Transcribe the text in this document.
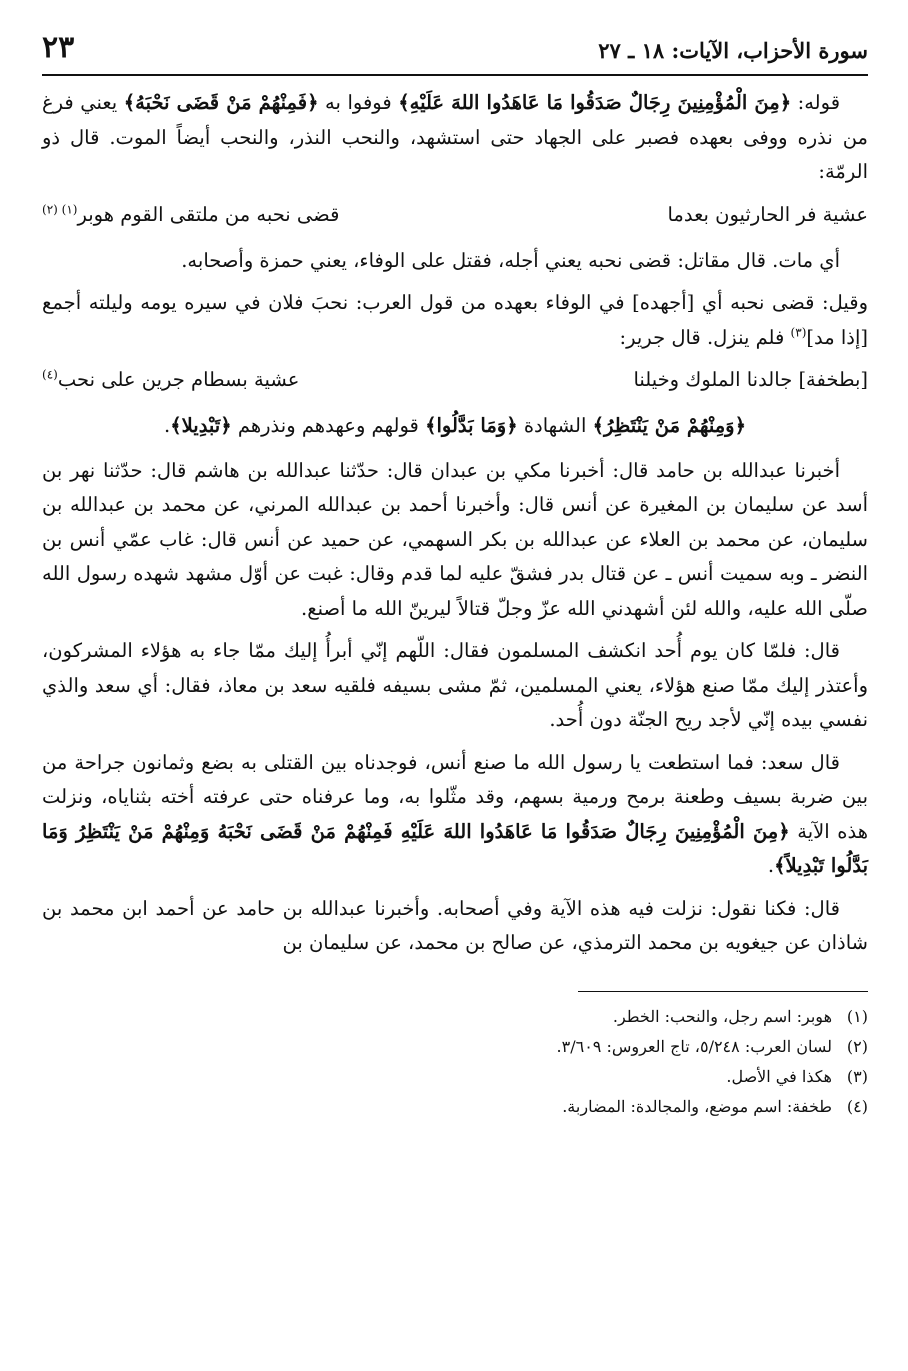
سورة الأحزاب، الآيات: ١٨ ـ ٢٧
٢٣

قوله: ﴿مِنَ الْمُؤْمِنِينَ رِجَالٌ صَدَقُوا مَا عَاهَدُوا اللهَ عَلَيْهِ﴾ فوفوا به ﴿فَمِنْهُمْ مَنْ قَضَى نَحْبَهُ﴾ يعني فرغ من نذره ووفى بعهده فصبر على الجهاد حتى استشهد، والنحب النذر، والنحب أيضاً الموت. قال ذو الرمّة:

عشية فر الحارثيون بعدما
قضى نحبه من ملتقى القوم هوبر$^{(١) (٢)}$

أي مات. قال مقاتل: قضى نحبه يعني أجله، فقتل على الوفاء، يعني حمزة وأصحابه.

وقيل: قضى نحبه أي [أجهده] في الوفاء بعهده من قول العرب: نحبَ فلان في سيره يومه وليلته أجمع [إذا مد]$^{(٣)}$ فلم ينزل. قال جرير:

[بطخفة] جالدنا الملوك وخيلنا
عشية بسطام جرين على نحب$^{(٤)}$

﴿وَمِنْهُمْ مَنْ يَنْتَظِرُ﴾ الشهادة ﴿وَمَا بَدَّلُوا﴾ قولهم وعهدهم ونذرهم ﴿تَبْدِيلا﴾.

أخبرنا عبدالله بن حامد قال: أخبرنا مكي بن عبدان قال: حدّثنا عبدالله بن هاشم قال: حدّثنا نهر بن أسد عن سليمان بن المغيرة عن أنس قال: وأخبرنا أحمد بن عبدالله المرني، عن محمد بن عبدالله بن سليمان، عن محمد بن العلاء عن عبدالله بن بكر السهمي، عن حميد عن أنس قال: غاب عمّي أنس بن النضر ـ وبه سميت أنس ـ عن قتال بدر فشقّ عليه لما قدم وقال: غبت عن أوّل مشهد شهده رسول الله صلّى الله عليه، والله لئن أشهدني الله عزّ وجلّ قتالاً ليرينّ الله ما أصنع.

قال: فلمّا كان يوم أُحد انكشف المسلمون فقال: اللّهم إنّي أبرأُ إليك ممّا جاء به هؤلاء المشركون، وأعتذر إليك ممّا صنع هؤلاء، يعني المسلمين، ثمّ مشى بسيفه فلقيه سعد بن معاذ، فقال: أي سعد والذي نفسي بيده إنّي لأجد ريح الجنّة دون أُحد.

قال سعد: فما استطعت يا رسول الله ما صنع أنس، فوجدناه بين القتلى به بضع وثمانون جراحة من بين ضربة بسيف وطعنة برمح ورمية بسهم، وقد مثّلوا به، وما عرفناه حتى عرفته أخته بثناياه، ونزلت هذه الآية ﴿مِنَ الْمُؤْمِنِينَ رِجَالٌ صَدَقُوا مَا عَاهَدُوا اللهَ عَلَيْهِ فَمِنْهُمْ مَنْ قَضَى نَحْبَهُ وَمِنْهُمْ مَنْ يَنْتَظِرُ وَمَا بَدَّلُوا تَبْدِيلاً﴾.

قال: فكنا نقول: نزلت فيه هذه الآية وفي أصحابه. وأخبرنا عبدالله بن حامد عن أحمد ابن محمد بن شاذان عن جيغويه بن محمد الترمذي، عن صالح بن محمد، عن سليمان بن

(١)
هوبر: اسم رجل، والنحب: الخطر.
(٢)
لسان العرب: ٥/٢٤٨، تاج العروس: ٣/٦٠٩.
(٣)
هكذا في الأصل.
(٤)
طخفة: اسم موضع، والمجالدة: المضاربة.
